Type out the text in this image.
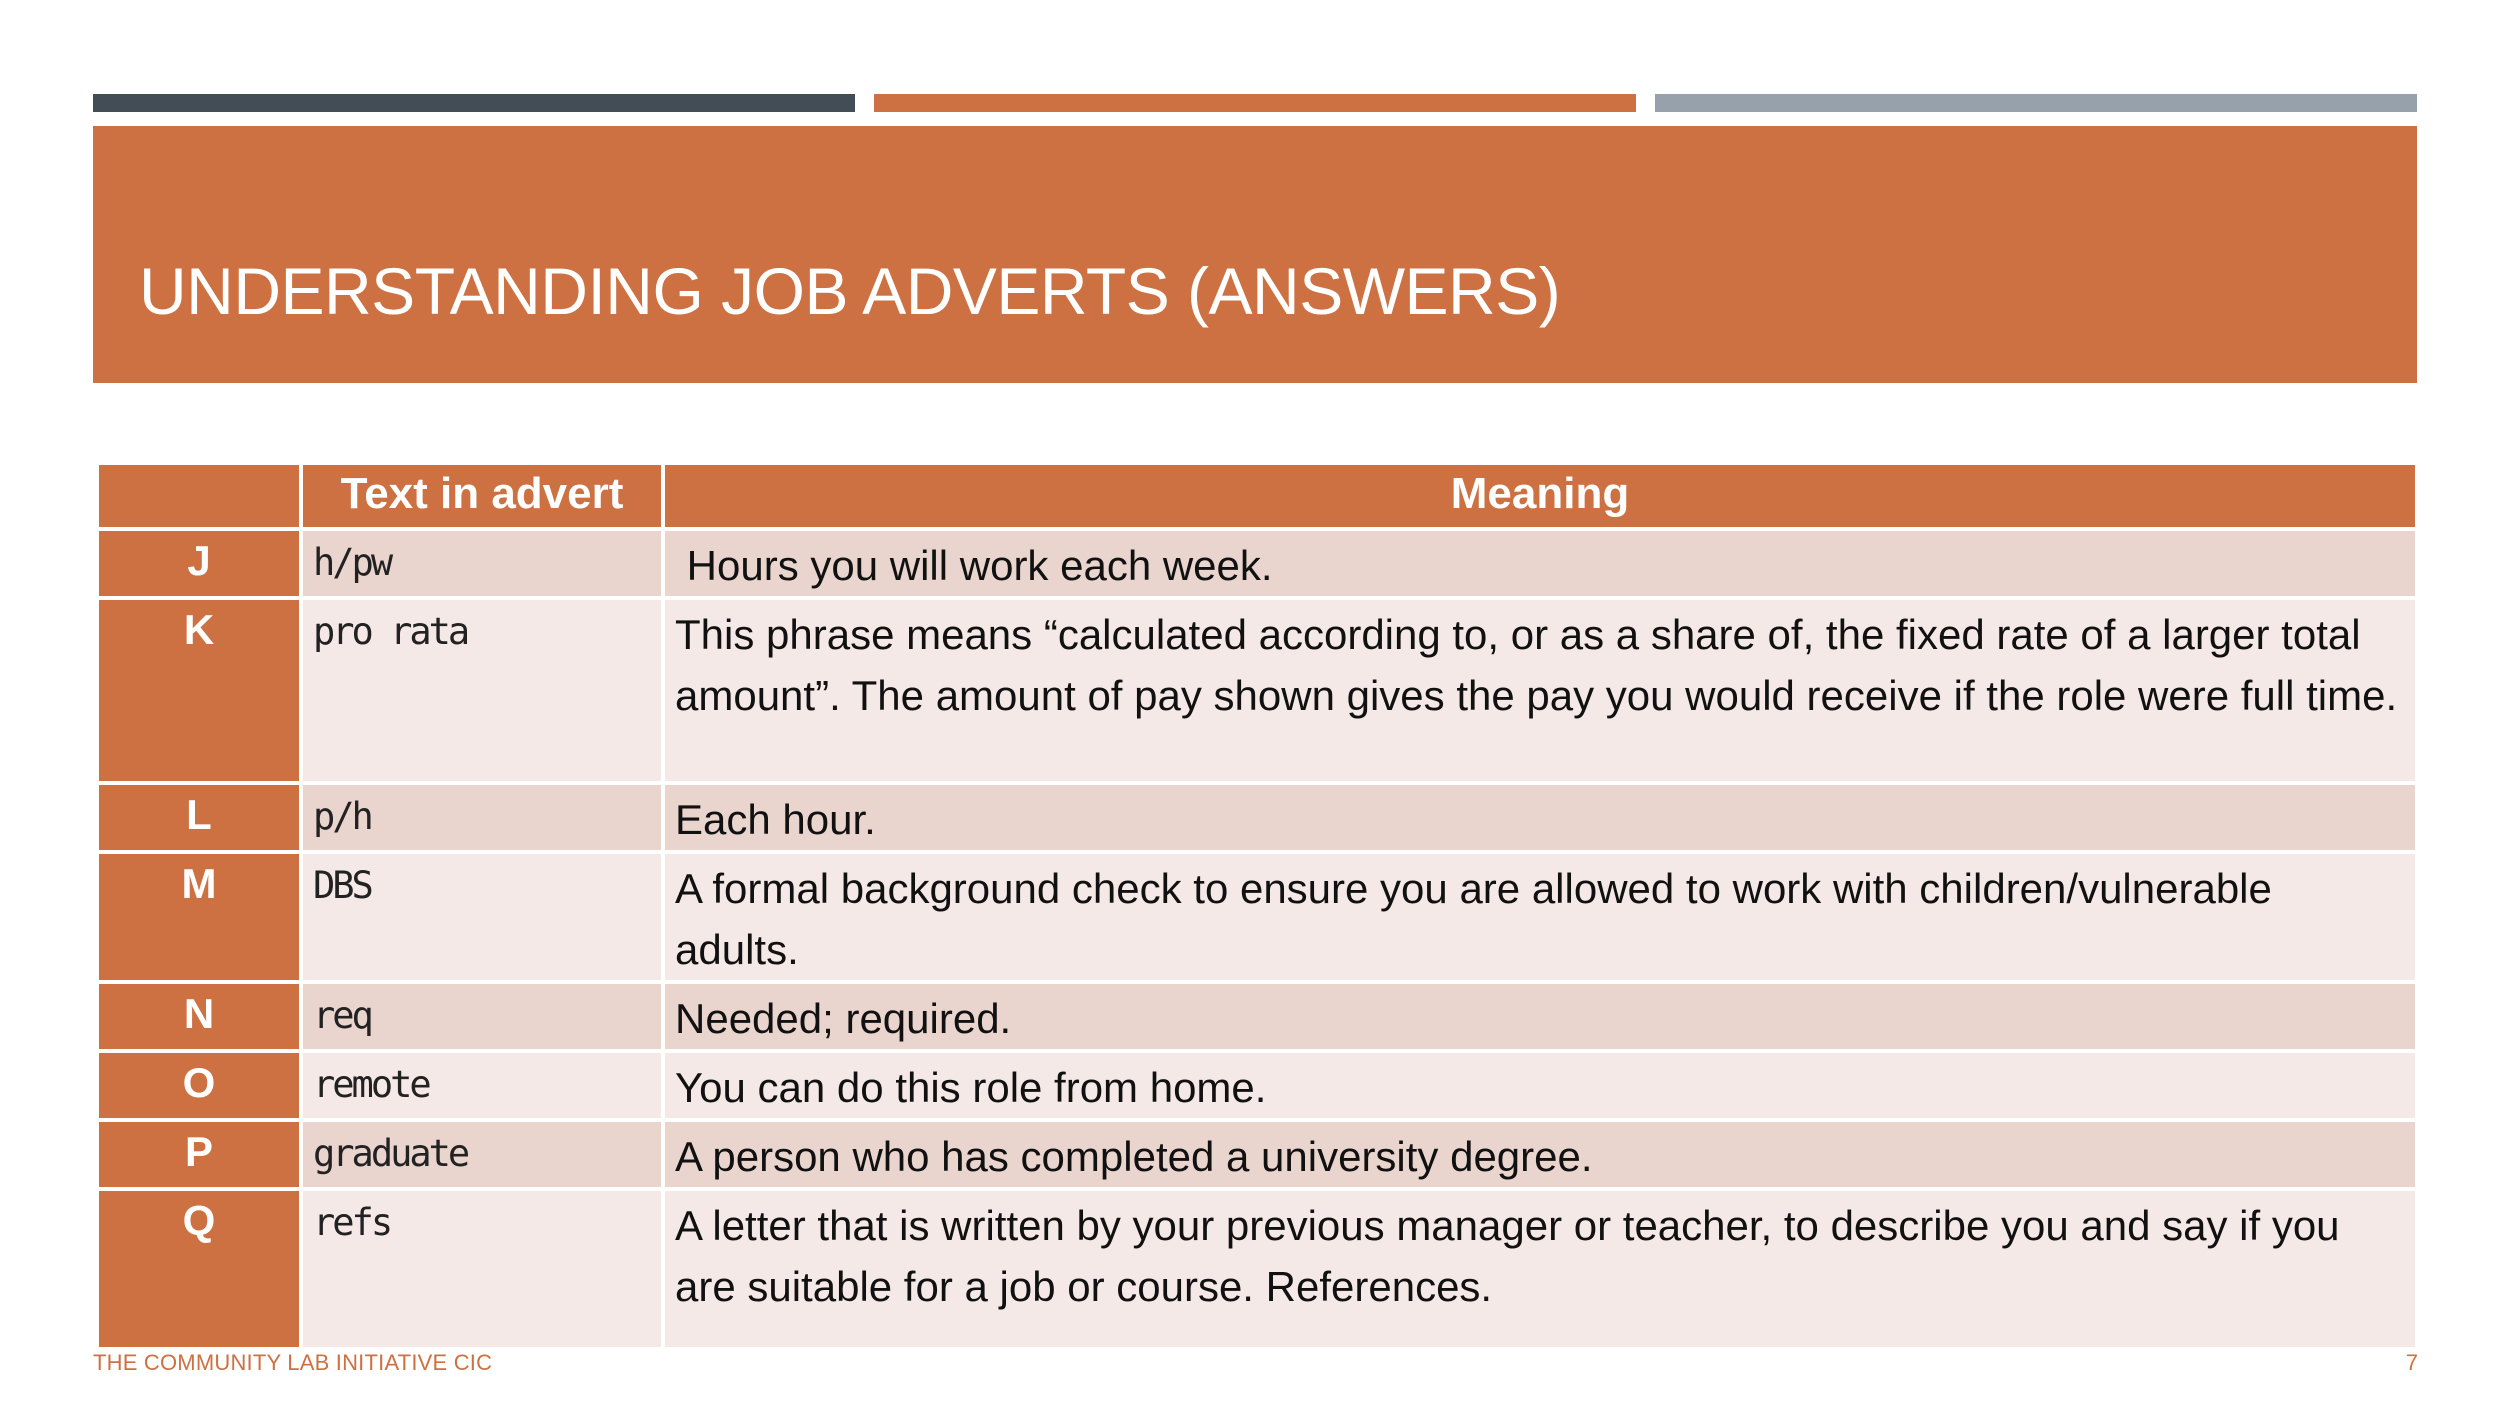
UNDERSTANDING JOB ADVERTS (ANSWERS)
	Text in advert	Meaning
J	h/pw	Hours you will work each week.
K	pro rata	This phrase means “calculated according to, or as a share of, the fixed rate of a larger total amount”. The amount of pay shown gives the pay you would receive if the role were full time.
L	p/h	Each hour.
M	DBS	A formal background check to ensure you are allowed to work with children/vulnerable adults.
N	req	Needed; required.
O	remote	You can do this role from home.
P	graduate	A person who has completed a university degree.
Q	refs	A letter that is written by your previous manager or teacher, to describe you and say if you are suitable for a job or course. References.
THE COMMUNITY LAB INITIATIVE CIC	7
